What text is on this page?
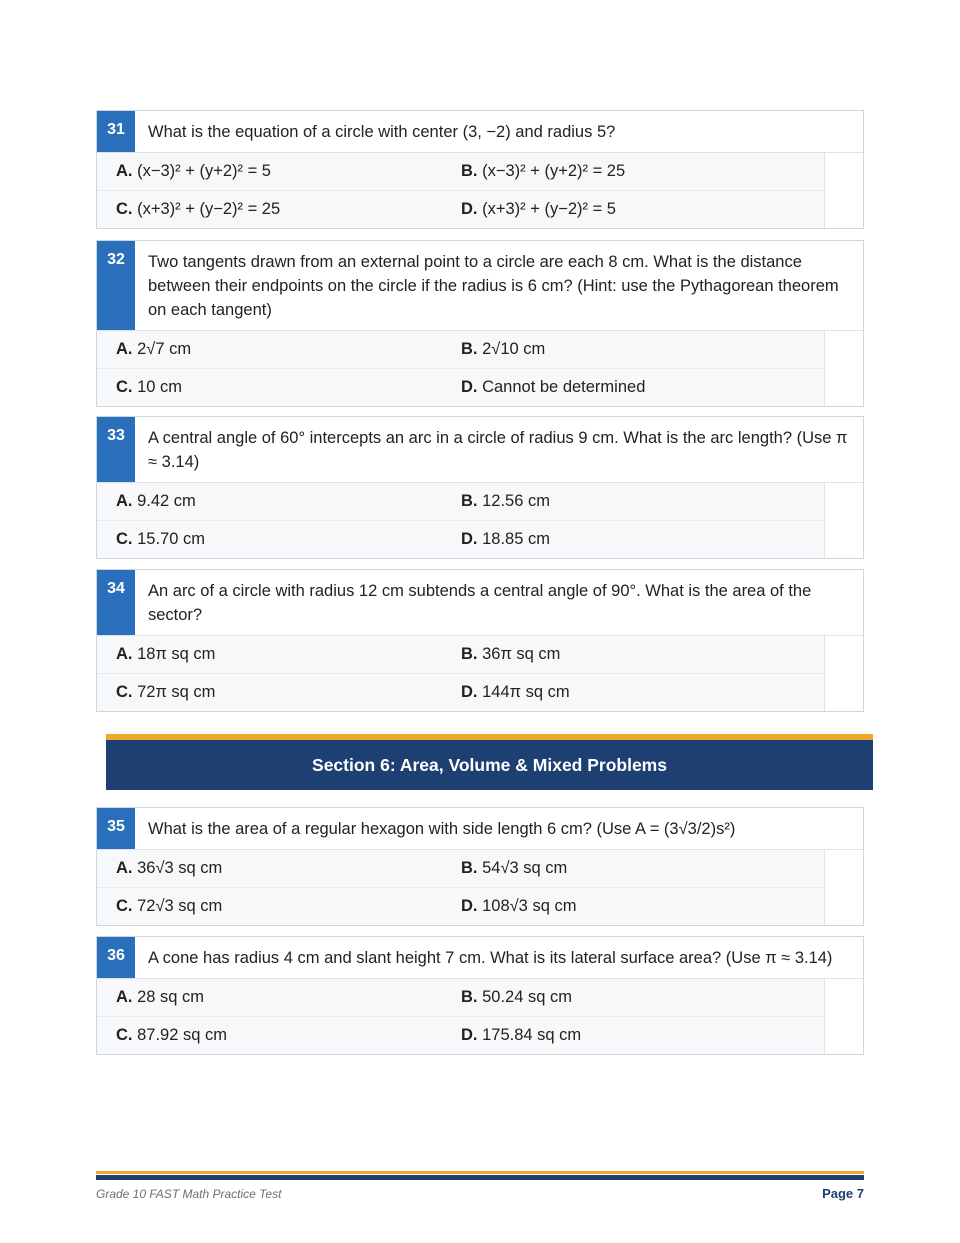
31	What is the equation of a circle with center (3, −2) and radius 5?
A. (x−3)² + (y+2)² = 5	B. (x−3)² + (y+2)² = 25
C. (x+3)² + (y−2)² = 25	D. (x+3)² + (y−2)² = 5
32	Two tangents drawn from an external point to a circle are each 8 cm. What is the distance between their endpoints on the circle if the radius is 6 cm? (Hint: use the Pythagorean theorem on each tangent)
A. 2√7 cm	B. 2√10 cm
C. 10 cm	D. Cannot be determined
33	A central angle of 60° intercepts an arc in a circle of radius 9 cm. What is the arc length? (Use π ≈ 3.14)
A. 9.42 cm	B. 12.56 cm
C. 15.70 cm	D. 18.85 cm
34	An arc of a circle with radius 12 cm subtends a central angle of 90°. What is the area of the sector?
A. 18π sq cm	B. 36π sq cm
C. 72π sq cm	D. 144π sq cm
Section 6: Area, Volume & Mixed Problems
35	What is the area of a regular hexagon with side length 6 cm? (Use A = (3√3/2)s²)
A. 36√3 sq cm	B. 54√3 sq cm
C. 72√3 sq cm	D. 108√3 sq cm
36	A cone has radius 4 cm and slant height 7 cm. What is its lateral surface area? (Use π ≈ 3.14)
A. 28 sq cm	B. 50.24 sq cm
C. 87.92 sq cm	D. 175.84 sq cm
Grade 10 FAST Math Practice Test	Page 7
